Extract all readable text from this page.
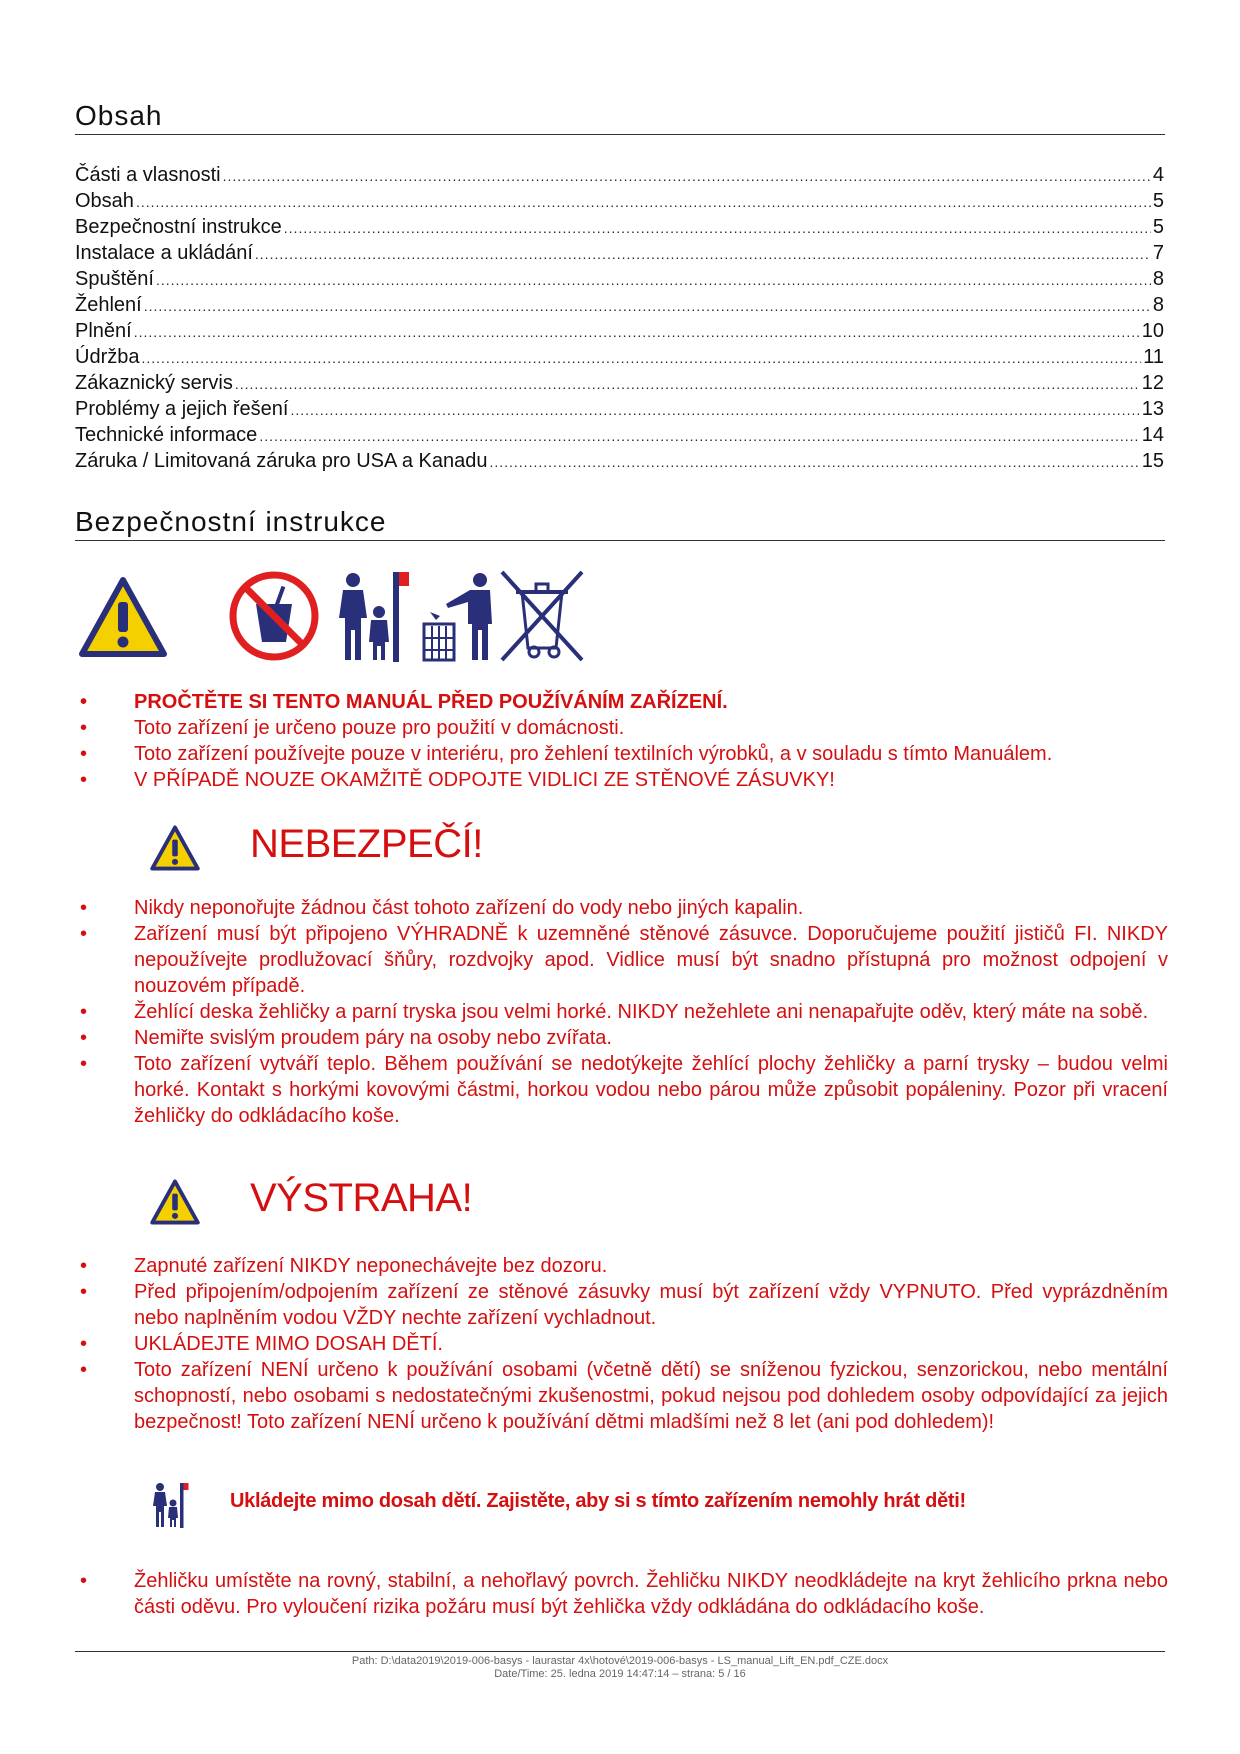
Obsah
Části a vlasnosti .....	4
Obsah .....	5
Bezpečnostní instrukce .....	5
Instalace a ukládání .....	7
Spuštění .....	8
Žehlení .....	8
Plnění .....	10
Údržba .....	11
Zákaznický servis .....	12
Problémy a jejich řešení .....	13
Technické informace .....	14
Záruka / Limitovaná záruka pro USA a Kanadu .....	15
Bezpečnostní instrukce
• PROČTĚTE SI TENTO MANUÁL PŘED POUŽÍVÁNÍM ZAŘÍZENÍ.
• Toto zařízení je určeno pouze pro použití v domácnosti.
• Toto zařízení používejte pouze v interiéru, pro žehlení textilních výrobků, a v souladu s tímto Manuálem.
• V PŘÍPADĚ NOUZE OKAMŽITĚ ODPOJTE VIDLICI ZE STĚNOVÉ ZÁSUVKY!
NEBEZPEČÍ!
• Nikdy neponořujte žádnou část tohoto zařízení do vody nebo jiných kapalin.
• Zařízení musí být připojeno VÝHRADNĚ k uzemněné stěnové zásuvce. Doporučujeme použití jističů FI. NIKDY nepoužívejte prodlužovací šňůry, rozdvojky apod. Vidlice musí být snadno přístupná pro možnost odpojení v nouzovém případě.
• Žehlící deska žehličky a parní tryska jsou velmi horké. NIKDY nežehlete ani nenapařujte oděv, který máte na sobě.
• Nemiřte svislým proudem páry na osoby nebo zvířata.
• Toto zařízení vytváří teplo. Během používání se nedotýkejte žehlící plochy žehličky a parní trysky – budou velmi horké. Kontakt s horkými kovovými částmi, horkou vodou nebo párou může způsobit popáleniny. Pozor při vracení žehličky do odkládacího koše.
VÝSTRAHA!
• Zapnuté zařízení NIKDY neponechávejte bez dozoru.
• Před připojením/odpojením zařízení ze stěnové zásuvky musí být zařízení vždy VYPNUTO. Před vyprázdněním nebo naplněním vodou VŽDY nechte zařízení vychladnout.
• UKLÁDEJTE MIMO DOSAH DĚTÍ.
• Toto zařízení NENÍ určeno k používání osobami (včetně dětí) se sníženou fyzickou, senzorickou, nebo mentální schopností, nebo osobami s nedostatečnými zkušenostmi, pokud nejsou pod dohledem osoby odpovídající za jejich bezpečnost! Toto zařízení NENÍ určeno k používání dětmi mladšími než 8 let (ani pod dohledem)!
Ukládejte mimo dosah dětí. Zajistěte, aby si s tímto zařízením nemohly hrát děti!
• Žehličku umístěte na rovný, stabilní, a nehořlavý povrch. Žehličku NIKDY neodkládejte na kryt žehlicího prkna nebo části oděvu. Pro vyloučení rizika požáru musí být žehlička vždy odkládána do odkládacího koše.
Path: D:\data2019\2019-006-basys - laurastar 4x\hotové\2019-006-basys - LS_manual_Lift_EN.pdf_CZE.docx
Date/Time: 25. ledna 2019 14:47:14 – strana: 5 / 16
